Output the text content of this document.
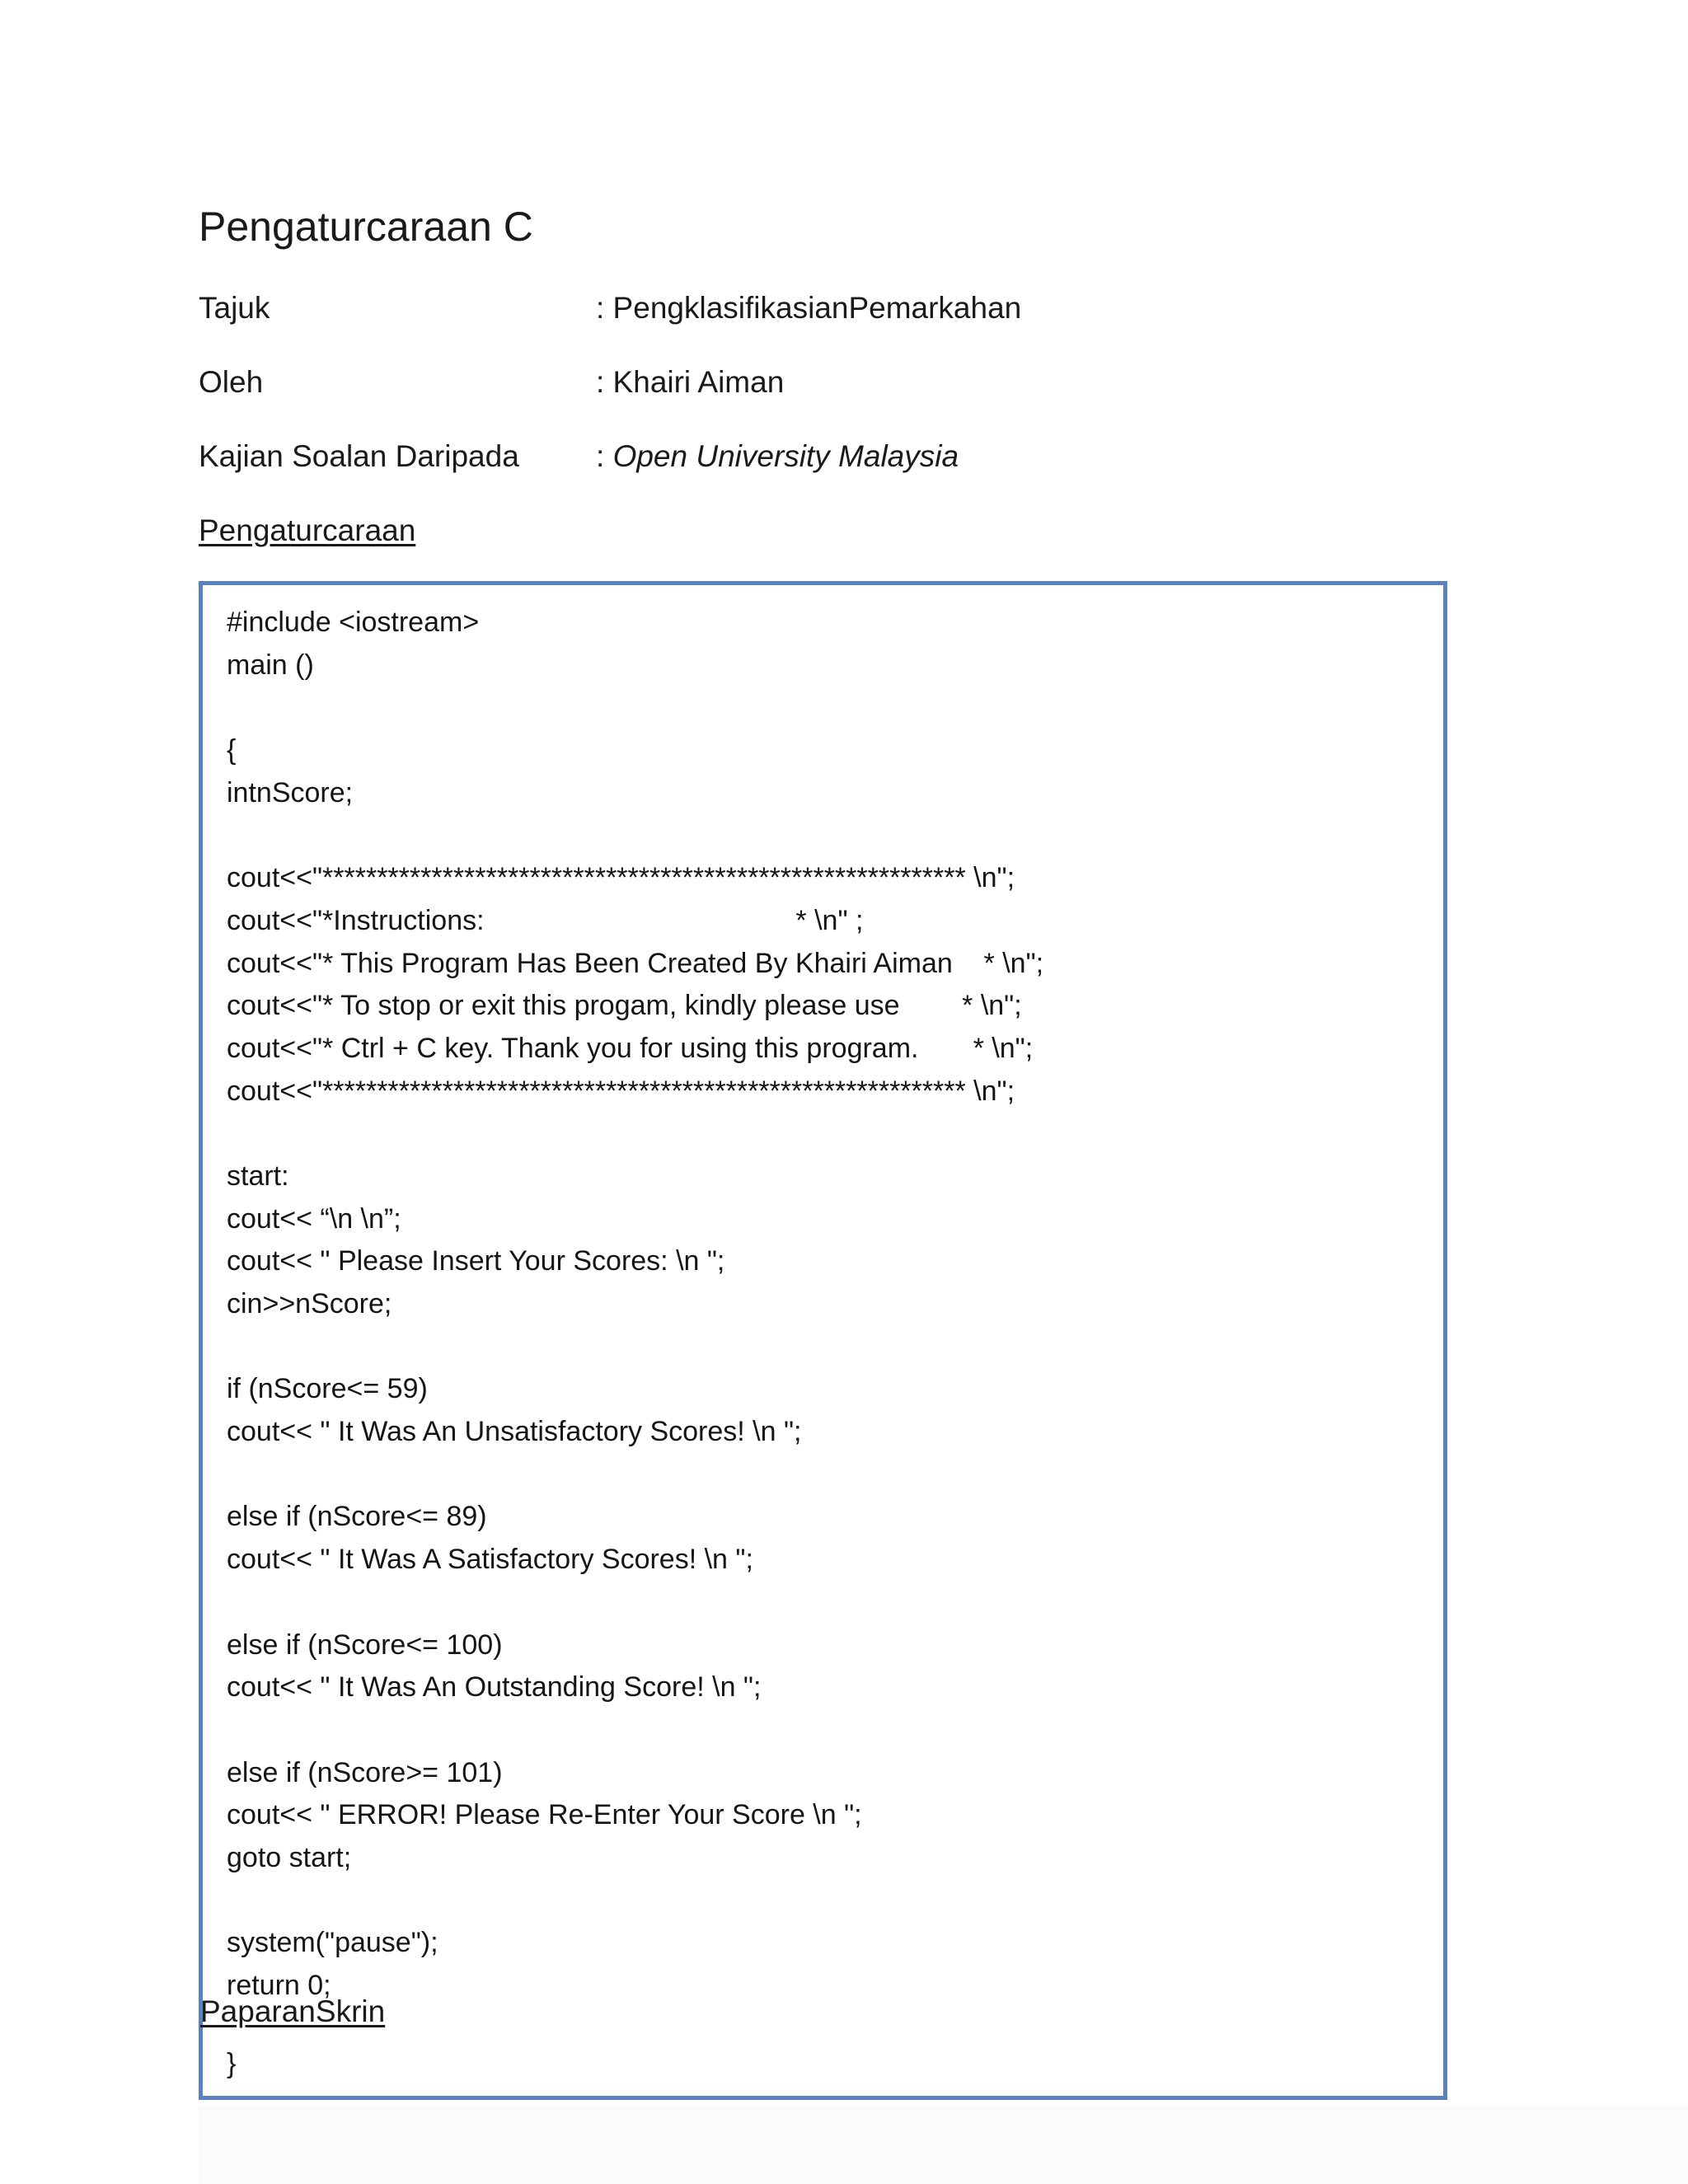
Pengaturcaraan C
Tajuk	: PengklasifikasianPemarkahan
Oleh	: Khairi Aiman
Kajian Soalan Daripada	: Open University Malaysia
Pengaturcaraan
#include <iostream>
main ()
{
intnScore;
cout<<"*********************************************************** \n";
cout<<"*Instructions:                                        * \n" ;
cout<<"* This Program Has Been Created By Khairi Aiman    * \n";
cout<<"* To stop or exit this progam, kindly please use        * \n";
cout<<"* Ctrl + C key. Thank you for using this program.       * \n";
cout<<"*********************************************************** \n";
start:
cout<< “\n \n”;
cout<< " Please Insert Your Scores: \n ";
cin>>nScore;
if (nScore<= 59)
cout<< " It Was An Unsatisfactory Scores! \n ";
else if (nScore<= 89)
cout<< " It Was A Satisfactory Scores! \n ";
else if (nScore<= 100)
cout<< " It Was An Outstanding Score! \n ";
else if (nScore>= 101)
cout<< " ERROR! Please Re-Enter Your Score \n ";
goto start;
system("pause");
return 0;
}
PaparanSkrin
